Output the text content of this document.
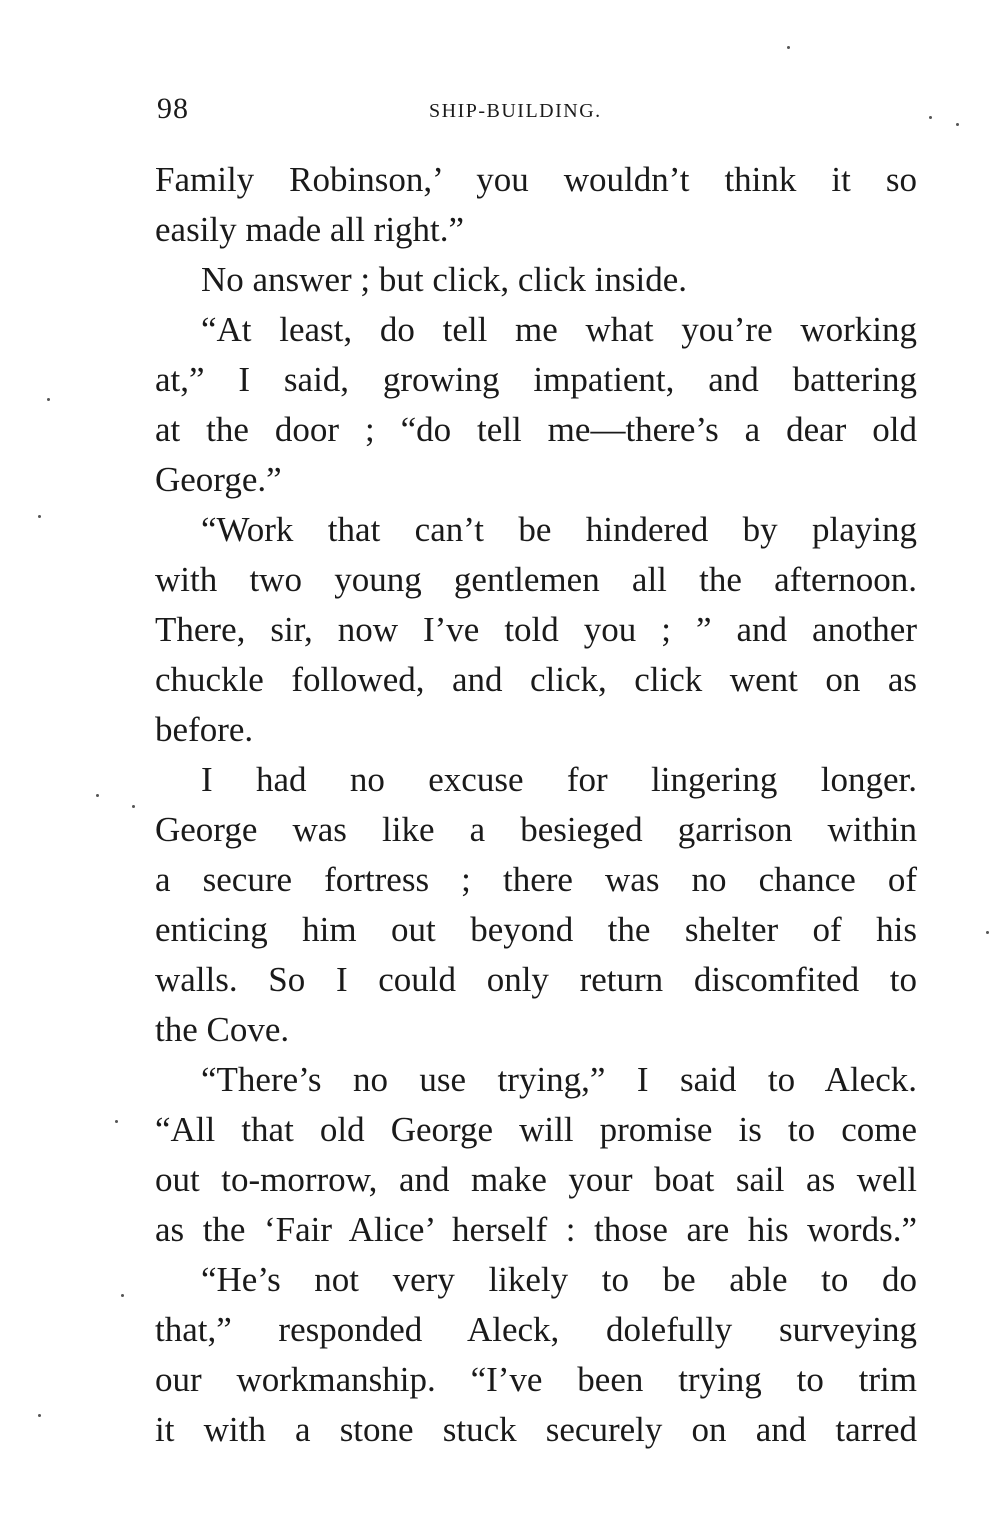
98	SHIP-BUILDING.
Family Robinson,’ you wouldn’t think it so
easily made all right.”
No answer ; but click, click inside.
“At least, do tell me what you’re working
at,” I said, growing impatient, and battering
at the door ; “do tell me—there’s a dear old
George.”
“Work that can’t be hindered by playing
with two young gentlemen all the afternoon.
There, sir, now I’ve told you ; ” and another
chuckle followed, and click, click went on as
before.
I had no excuse for lingering longer.
George was like a besieged garrison within
a secure fortress ; there was no chance of
enticing him out beyond the shelter of his
walls. So I could only return discomfited to
the Cove.
“There’s no use trying,” I said to Aleck.
“All that old George will promise is to come
out to-morrow, and make your boat sail as well
as the ‘Fair Alice’ herself : those are his words.”
“He’s not very likely to be able to do
that,” responded Aleck, dolefully surveying
our workmanship. “I’ve been trying to trim
it with a stone stuck securely on and tarred
